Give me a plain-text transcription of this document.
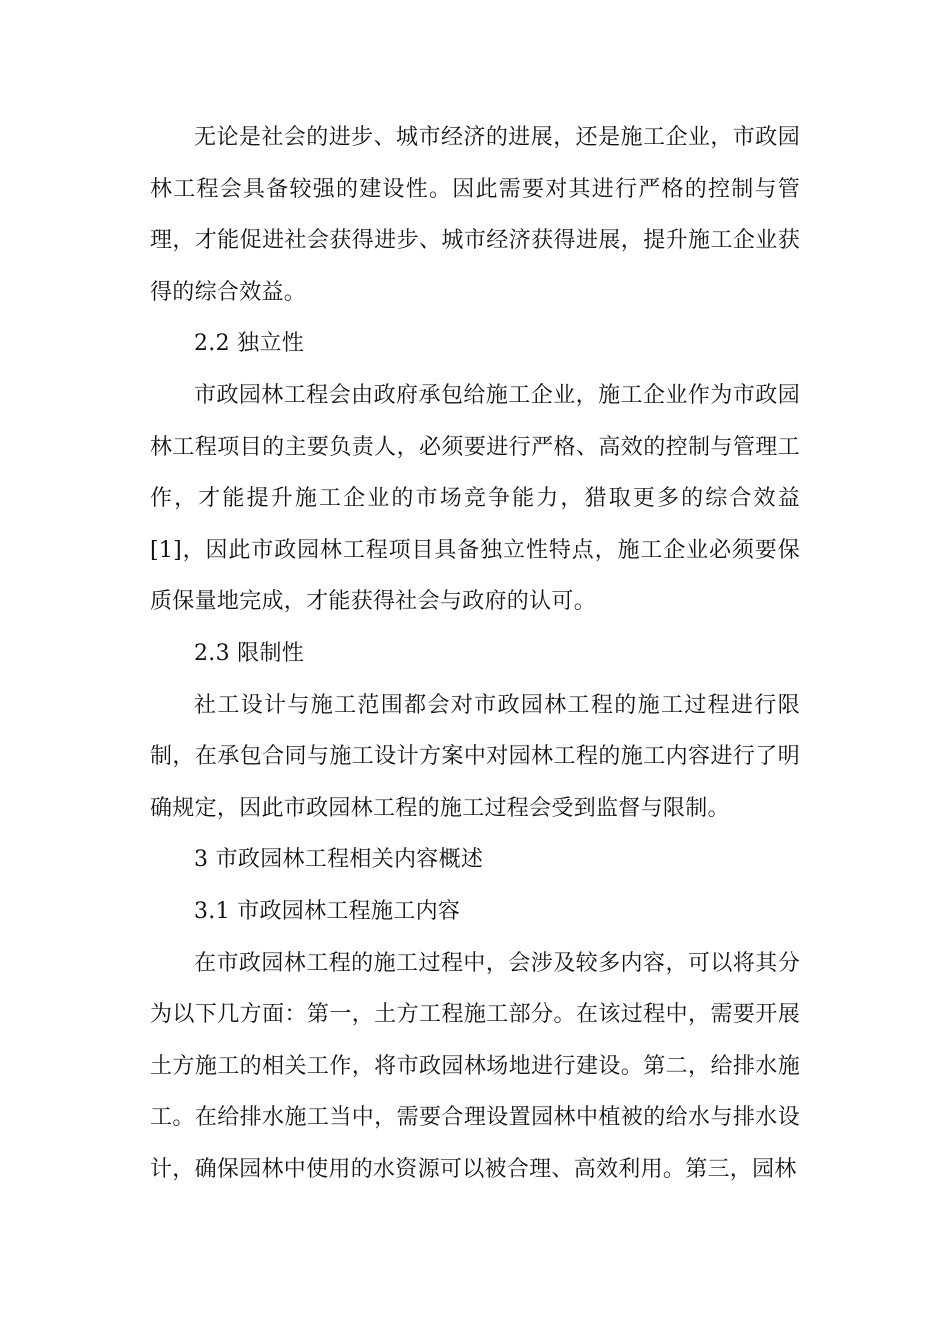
无论是社会的进步、城市经济的进展，还是施工企业，市政园林工程会具备较强的建设性。因此需要对其进行严格的控制与管理，才能促进社会获得进步、城市经济获得进展，提升施工企业获得的综合效益。

2.2 独立性

市政园林工程会由政府承包给施工企业，施工企业作为市政园林工程项目的主要负责人，必须要进行严格、高效的控制与管理工作，才能提升施工企业的市场竞争能力，猎取更多的综合效益[1]，因此市政园林工程项目具备独立性特点，施工企业必须要保质保量地完成，才能获得社会与政府的认可。

2.3 限制性

社工设计与施工范围都会对市政园林工程的施工过程进行限制，在承包合同与施工设计方案中对园林工程的施工内容进行了明确规定，因此市政园林工程的施工过程会受到监督与限制。

3 市政园林工程相关内容概述

3.1 市政园林工程施工内容

在市政园林工程的施工过程中，会涉及较多内容，可以将其分为以下几方面：第一，土方工程施工部分。在该过程中，需要开展土方施工的相关工作，将市政园林场地进行建设。第二，给排水施工。在给排水施工当中，需要合理设置园林中植被的给水与排水设计，确保园林中使用的水资源可以被合理、高效利用。第三，园林
